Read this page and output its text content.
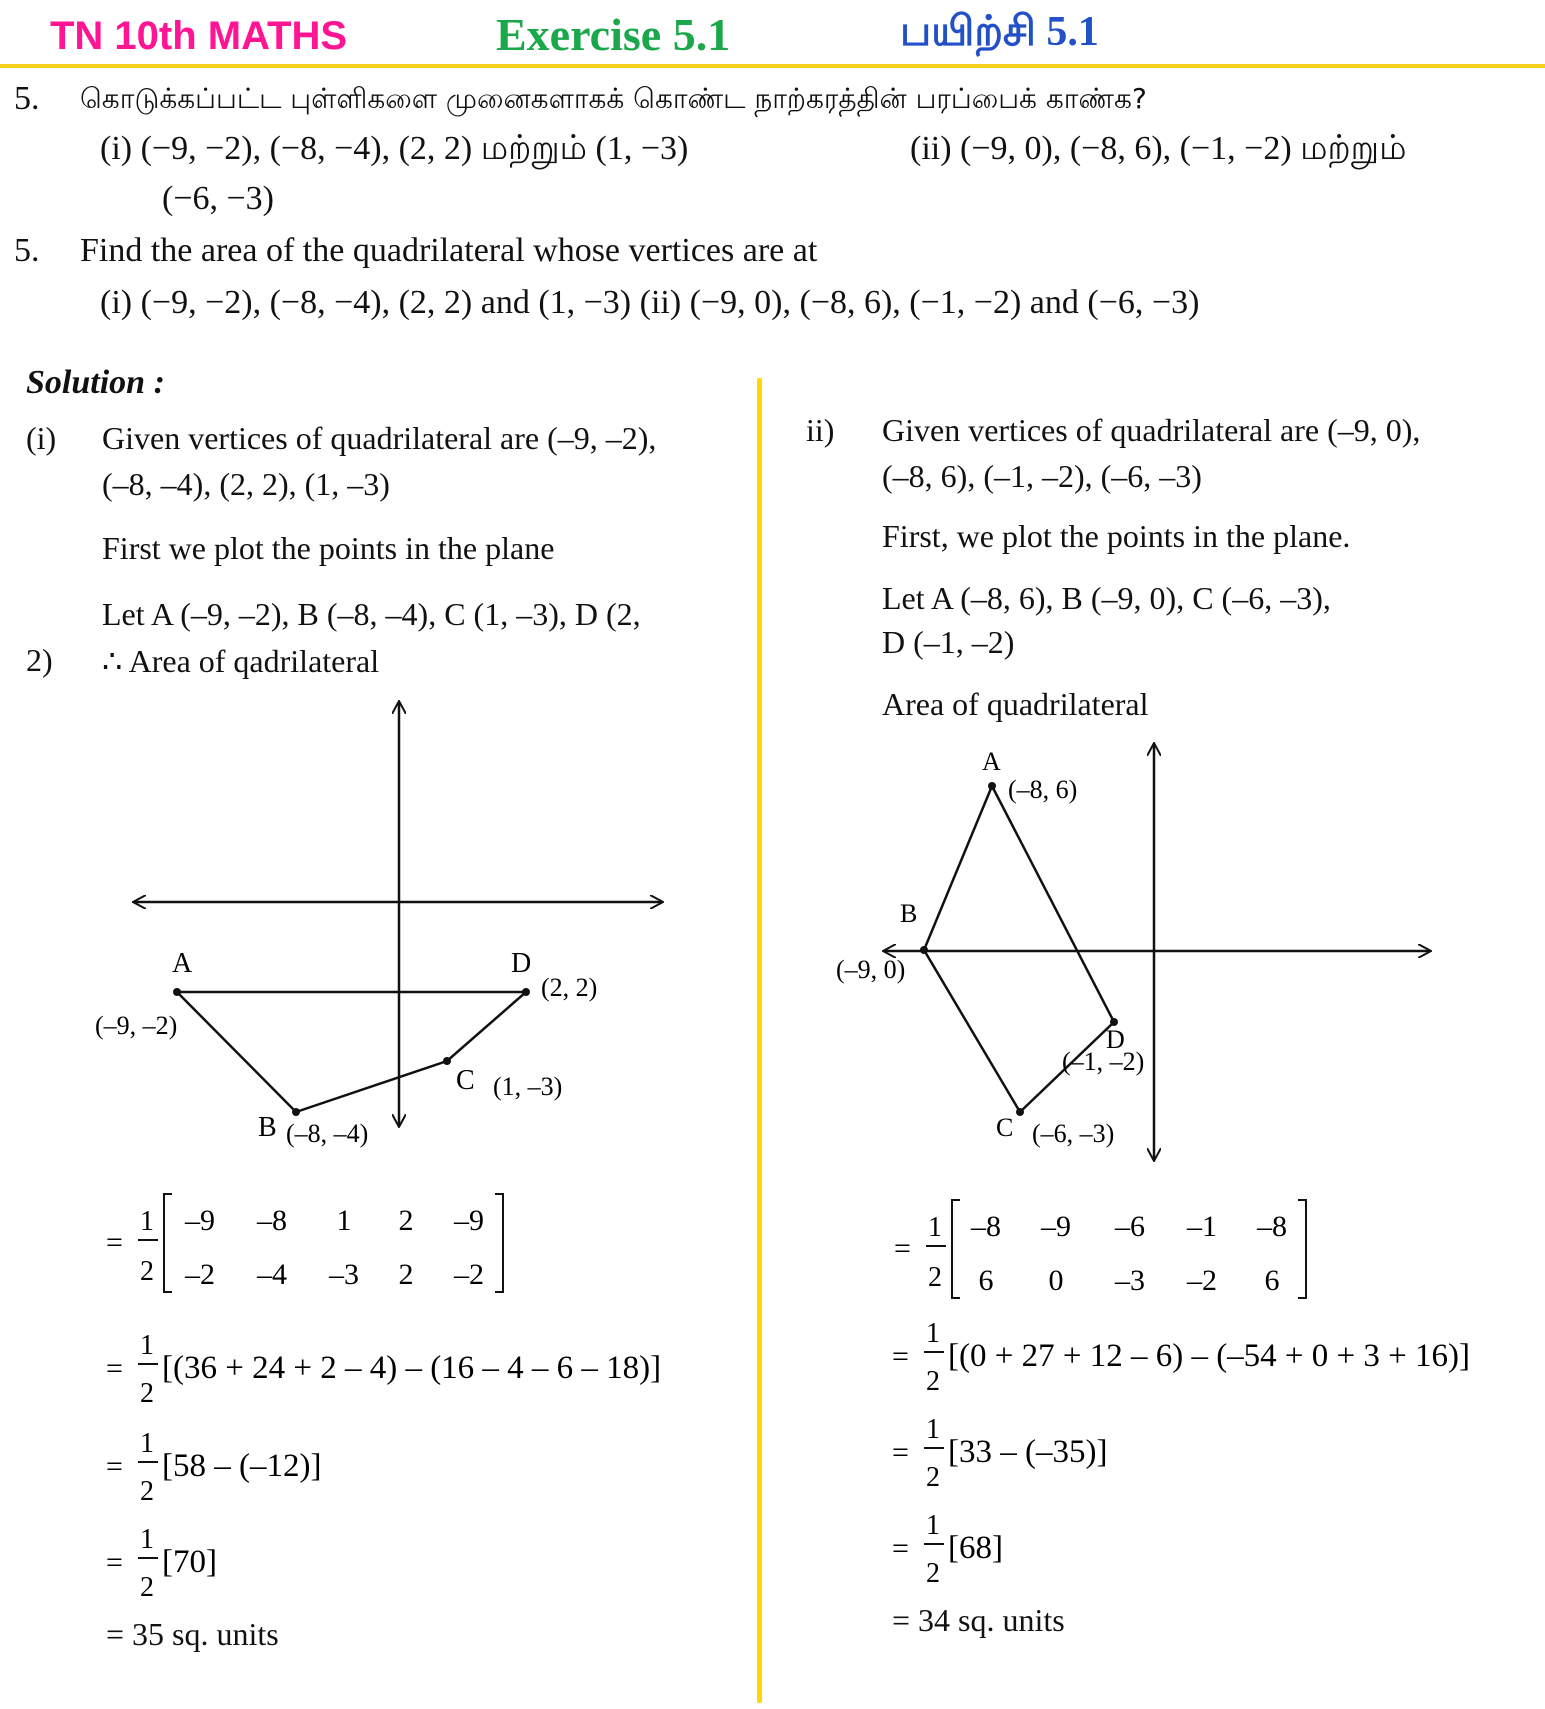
TN 10th MATHS	Exercise 5.1	பயிற்சி 5.1
5. கொடுக்கப்பட்ட புள்ளிகளை முனைகளாகக் கொண்ட நாற்கரத்தின் பரப்பைக் காண்க?
(i) (−9, −2), (−8, −4), (2, 2) மற்றும் (1, −3)	(ii) (−9, 0), (−8, 6), (−1, −2) மற்றும்
(−6, −3)
5. Find the area of the quadrilateral whose vertices are at
(i) (−9, −2), (−8, −4), (2, 2) and (1, −3) (ii) (−9, 0), (−8, 6), (−1, −2) and (−6, −3)
Solution :
(i) Given vertices of quadrilateral are (–9, –2),
(–8, –4), (2, 2), (1, –3)
First we plot the points in the plane
Let A (–9, –2), B (–8, –4), C (1, –3), D (2,
2) ∴ Area of qadrilateral
A
(–9, –2)
B (–8, –4)
C (1, –3)
D
(2, 2)
=
1
2
–9 –8 1 2 –9
–2 –4 –3 2 –2
=
1
2
[(36 + 24 + 2 – 4) – (16 – 4 – 6 – 18)]
=
1
2
[58 – (–12)]
=
1
2
[70]
= 35 sq. units
ii) Given vertices of quadrilateral are (–9, 0),
(–8, 6), (–1, –2), (–6, –3)
First, we plot the points in the plane.
Let A (–8, 6), B (–9, 0), C (–6, –3),
D (–1, –2)
Area of quadrilateral
A
(–8, 6)
B
(–9, 0)
C (–6, –3)
D
(–1, –2)
=
1
2
–8 –9 –6 –1 –8
6 0 –3 –2 6
=
1
2
[(0 + 27 + 12 – 6) – (–54 + 0 + 3 + 16)]
=
1
2
[33 – (–35)]
=
1
2
[68]
= 34 sq. units
